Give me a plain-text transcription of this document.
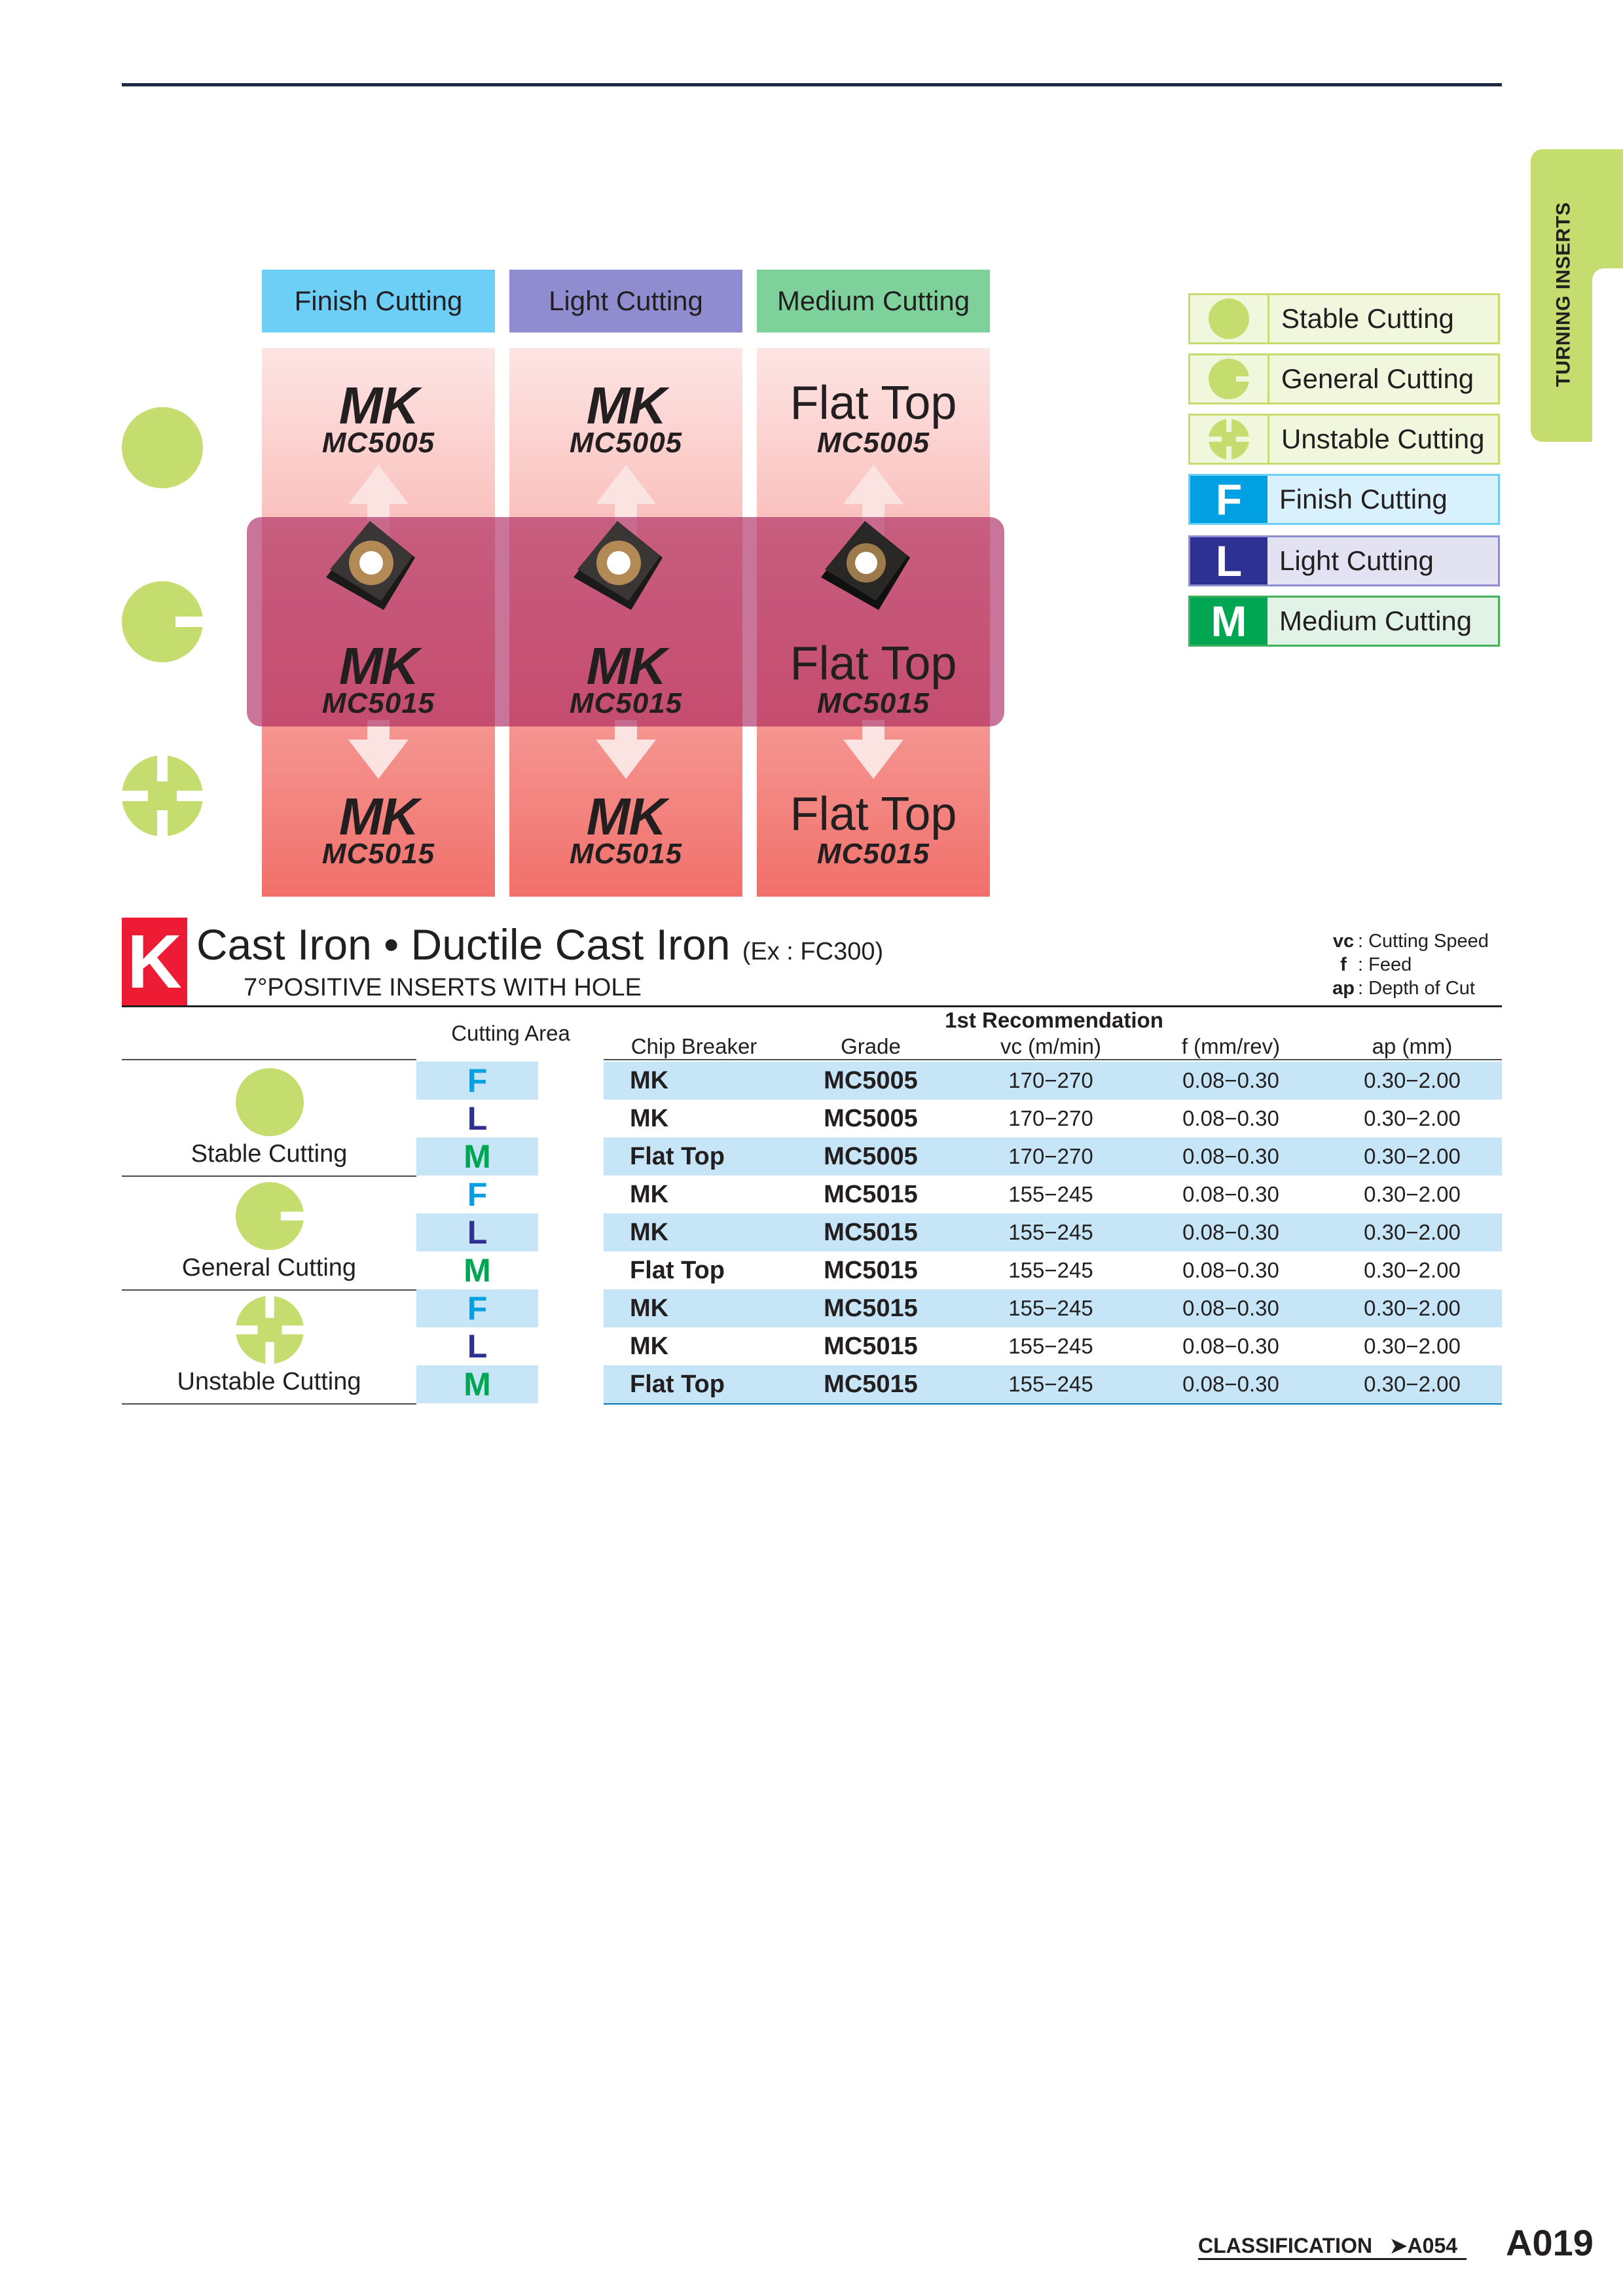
TURNING INSERTS
Finish Cutting	Light Cutting	Medium Cutting
MK
MC5005
MK
MC5005
Flat Top
MC5005
MK
MC5015
MK
MC5015
Flat Top
MC5015
MK
MC5015
MK
MC5015
Flat Top
MC5015
Stable Cutting
General Cutting
Unstable Cutting
F	Finish Cutting
L	Light Cutting
M	Medium Cutting
K Cast Iron • Ductile Cast Iron (Ex : FC300)
7°POSITIVE INSERTS WITH HOLE
vc : Cutting Speed
f : Feed
ap : Depth of Cut
1st Recommendation
Cutting Area
Chip Breaker	Grade	vc (m/min)	f (mm/rev)	ap (mm)
F	MK	MC5005	170−270	0.08−0.30	0.30−2.00
L	MK	MC5005	170−270	0.08−0.30	0.30−2.00
M	Flat Top	MC5005	170−270	0.08−0.30	0.30−2.00
F	MK	MC5015	155−245	0.08−0.30	0.30−2.00
L	MK	MC5015	155−245	0.08−0.30	0.30−2.00
M	Flat Top	MC5015	155−245	0.08−0.30	0.30−2.00
F	MK	MC5015	155−245	0.08−0.30	0.30−2.00
L	MK	MC5015	155−245	0.08−0.30	0.30−2.00
M	Flat Top	MC5015	155−245	0.08−0.30	0.30−2.00
Stable Cutting
General Cutting
Unstable Cutting
CLASSIFICATION ➤A054 A019
